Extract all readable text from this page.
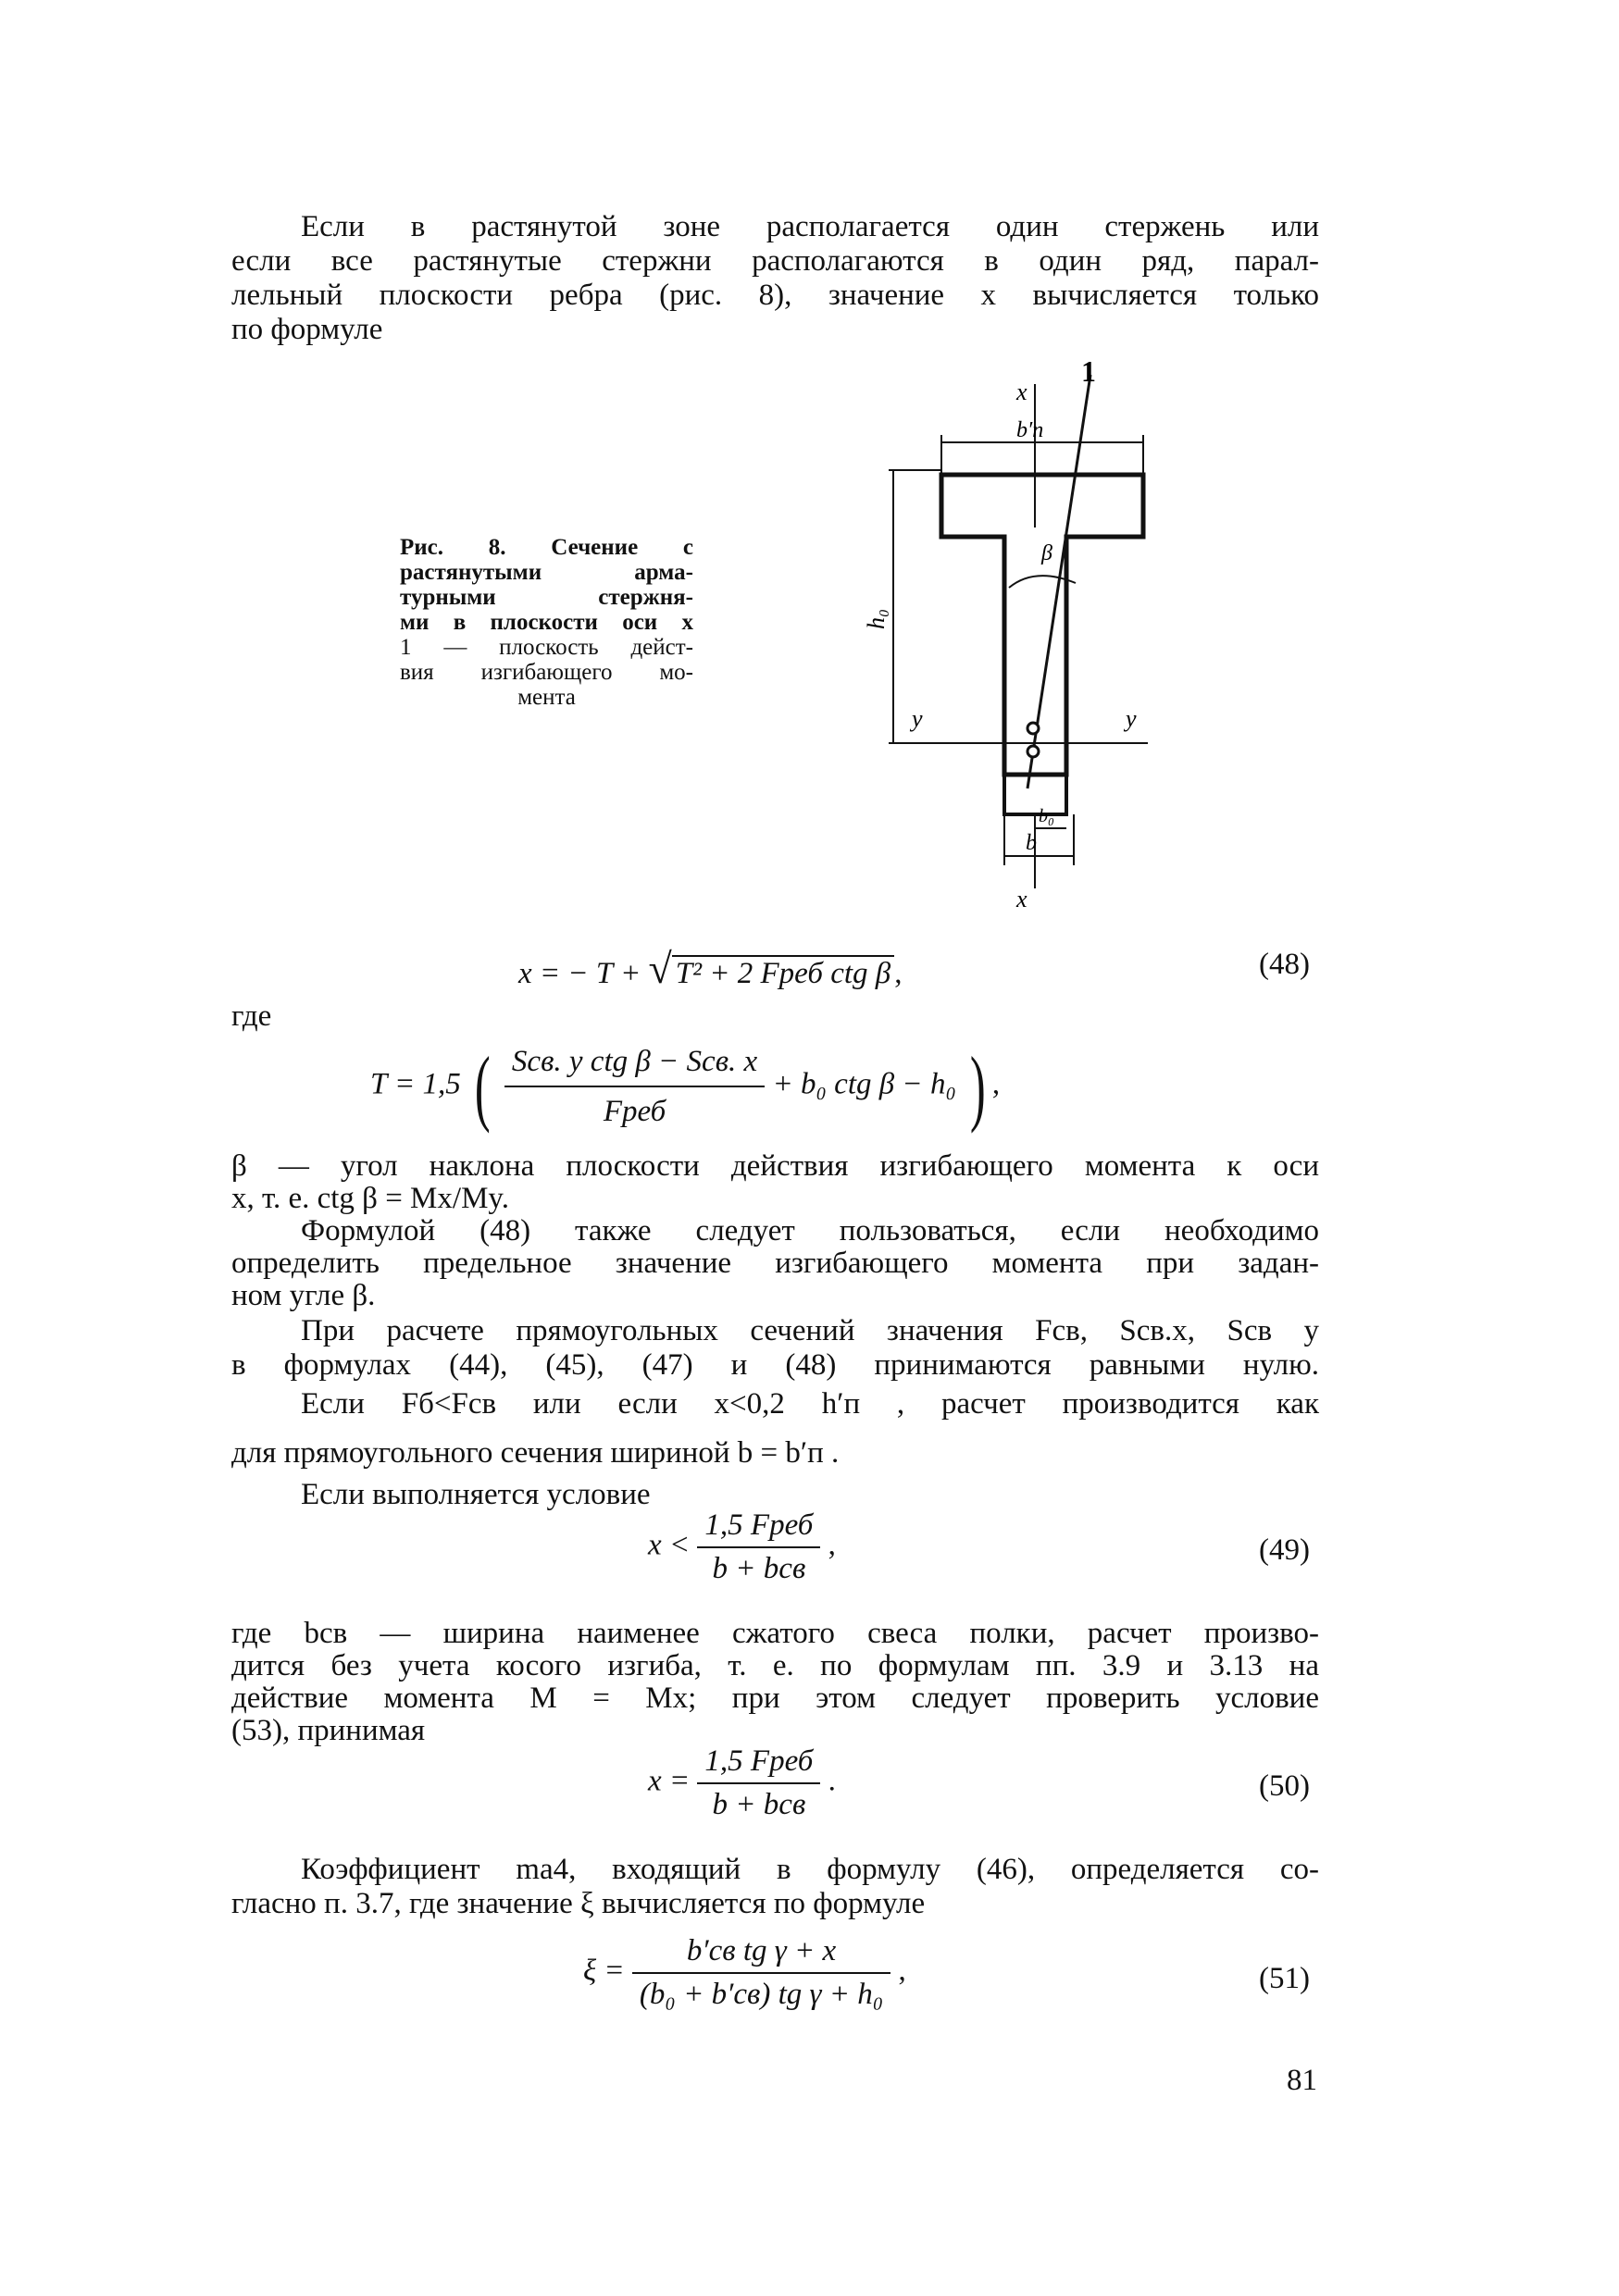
Если в растянутой зоне располагается один стержень или
если все растянутые стержни располагаются в один ряд, парал-
лельный плоскости ребра (рис. 8), значение x вычисляется только
по формуле
Рис. 8. Сечение с
растянутыми арма-
турными стержня-
ми в плоскости оси x
1 — плоскость дейст-
вия изгибающего мо-
мента
x
x
1
b′п
h₀
β
y	y
b₀
b
x = − T + √ T² + 2 Fреб ctg β ,	(48)
где
T = 1,5 ( $\frac{\text{Sсв. y ctg β − Sсв. x}}{\text{Fреб}} + b_0$ ctg β − h₀ ) ,
β — угол наклона плоскости действия изгибающего момента к оси
x, т. е. ctg β = Mx/My.
Формулой (48) также следует пользоваться, если необходимо
определить предельное значение изгибающего момента при задан-
ном угле β.
При расчете прямоугольных сечений значения Fсв, Sсв.x, Sсв y
в формулах (44), (45), (47) и (48) принимаются равными нулю.
Если Fб<Fсв или если x<0,2 h′п , расчет производится как
для прямоугольного сечения шириной b = b′п .
Если выполняется условие
$x < \frac{\text{1,5 Fреб}}{\text{b + bсв}}$ ,	(49)
где bсв — ширина наименее сжатого свеса полки, расчет произво-
дится без учета косого изгиба, т. е. по формулам пп. 3.9 и 3.13 на
действие момента M = Mx; при этом следует проверить условие
(53), принимая
$x = \frac{\text{1,5 Fреб}}{\text{b + bсв}}$ .	(50)
Коэффициент mа4, входящий в формулу (46), определяется со-
гласно п. 3.7, где значение ξ вычисляется по формуле
$\xi = \frac{\text{b′св tg γ + x}}{\text{(b₀ + b′св) tg γ + h₀}}$ ,	(51)
81
